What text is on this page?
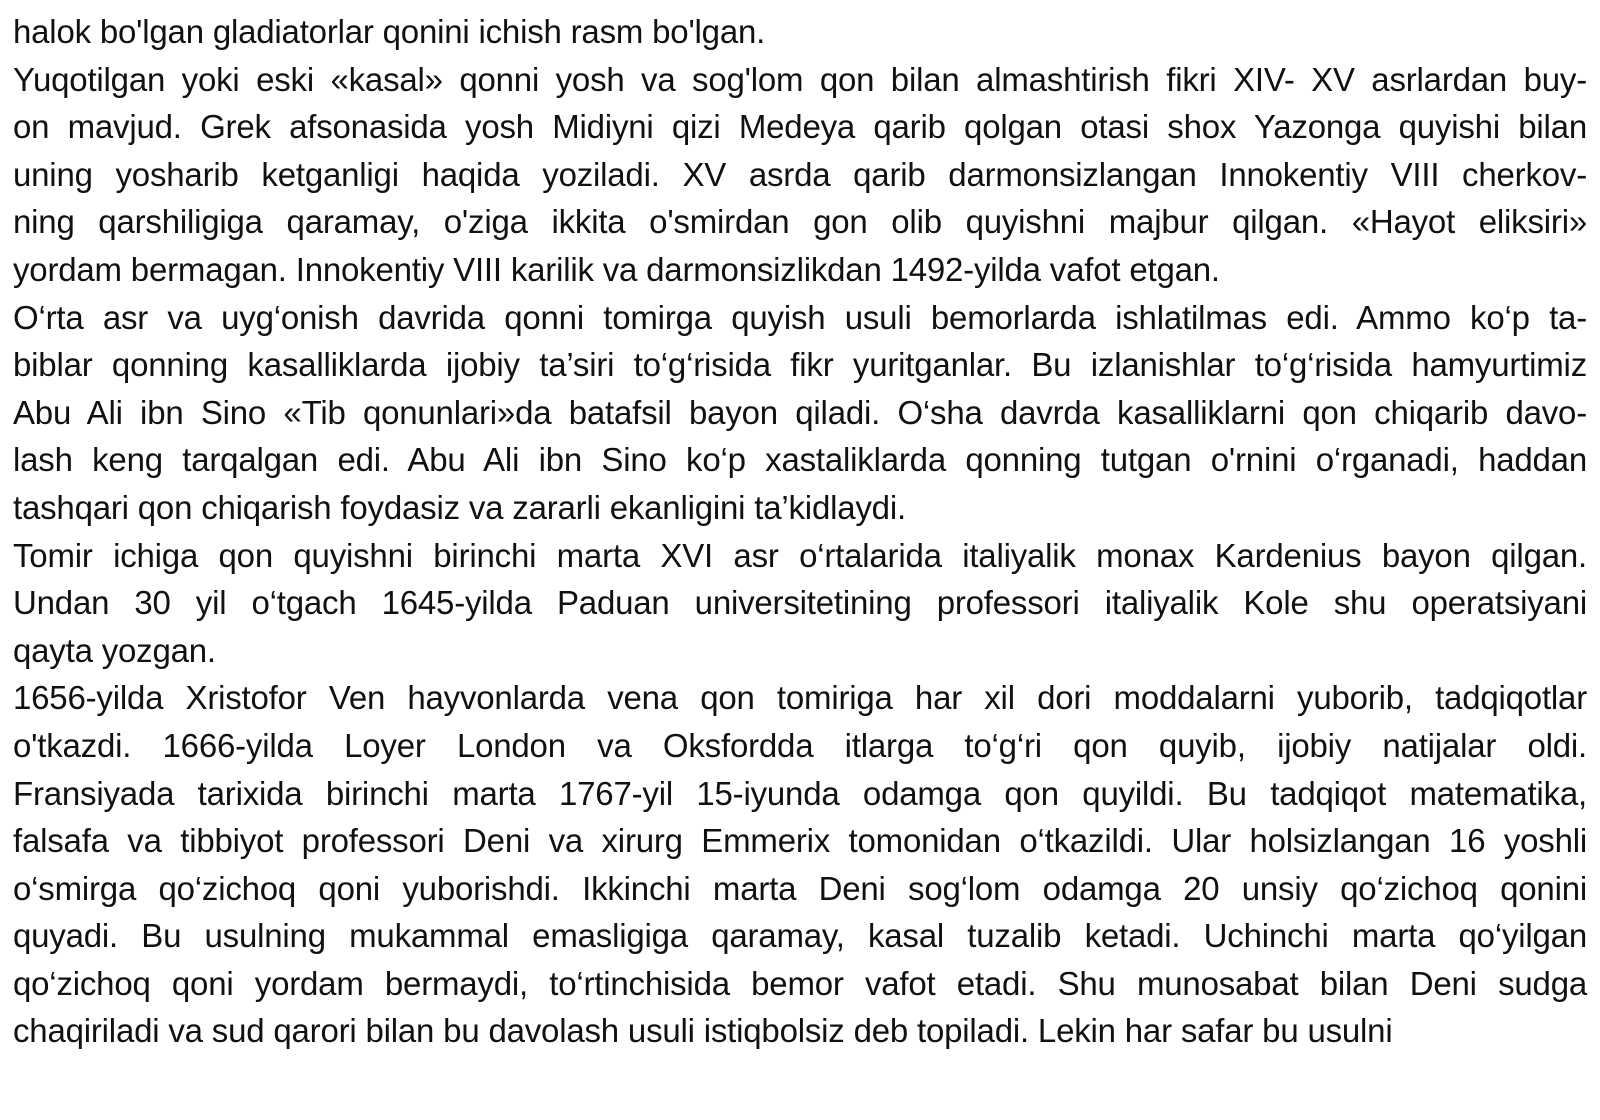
halok bo'lgan gladiatorlar qonini ichish rasm bo'lgan.
Yuqotilgan yoki eski «kasal» qonni yosh va sog'lom qon bilan almashtirish fikri XIV- XV asrlardan buy-
on mavjud. Grek afsonasida yosh Midiyni qizi Medeya qarib qolgan otasi shox Yazonga quyishi bilan
uning yosharib ketganligi haqida yoziladi. XV asrda qarib darmonsizlangan Innokentiy VIII cherkov-
ning qarshiligiga qaramay, o'ziga ikkita o'smirdan gon olib quyishni majbur qilgan. «Hayot eliksiri»
yordam bermagan. Innokentiy VIII karilik va darmonsizlikdan 1492-yilda vafot etgan.
O‘rta asr va uyg‘onish davrida qonni tomirga quyish usuli bemorlarda ishlatilmas edi. Ammo ko‘p ta-
biblar qonning kasalliklarda ijobiy ta’siri to‘g‘risida fikr yuritganlar. Bu izlanishlar to‘g‘risida hamyurtimiz
Abu Ali ibn Sino «Tib qonunlari»da batafsil bayon qiladi. O‘sha davrda kasalliklarni qon chiqarib davo-
lash keng tarqalgan edi. Abu Ali ibn Sino ko‘p xastaliklarda qonning tutgan o'rnini o‘rganadi, haddan
tashqari qon chiqarish foydasiz va zararli ekanligini ta’kidlaydi.
Tomir ichiga qon quyishni birinchi marta XVI asr o‘rtalarida italiyalik monax Kardenius bayon qilgan.
Undan 30 yil o‘tgach 1645-yilda Paduan universitetining professori italiyalik Kole shu operatsiyani
qayta yozgan.
1656-yilda Xristofor Ven hayvonlarda vena qon tomiriga har xil dori moddalarni yuborib, tadqiqotlar
o'tkazdi. 1666-yilda Loyer London va Oksfordda itlarga to‘g‘ri qon quyib, ijobiy natijalar oldi.
Fransiyada tarixida birinchi marta 1767-yil 15-iyunda odamga qon quyildi. Bu tadqiqot matematika,
falsafa va tibbiyot professori Deni va xirurg Emmerix tomonidan o‘tkazildi. Ular holsizlangan 16 yoshli
o‘smirga qo‘zichoq qoni yuborishdi. Ikkinchi marta Deni sog‘lom odamga 20 unsiy qo‘zichoq qonini
quyadi. Bu usulning mukammal emasligiga qaramay, kasal tuzalib ketadi. Uchinchi marta qo‘yilgan
qo‘zichoq qoni yordam bermaydi, to‘rtinchisida bemor vafot etadi. Shu munosabat bilan Deni sudga
chaqiriladi va sud qarori bilan bu davolash usuli istiqbolsiz deb topiladi. Lekin har safar bu usulni
